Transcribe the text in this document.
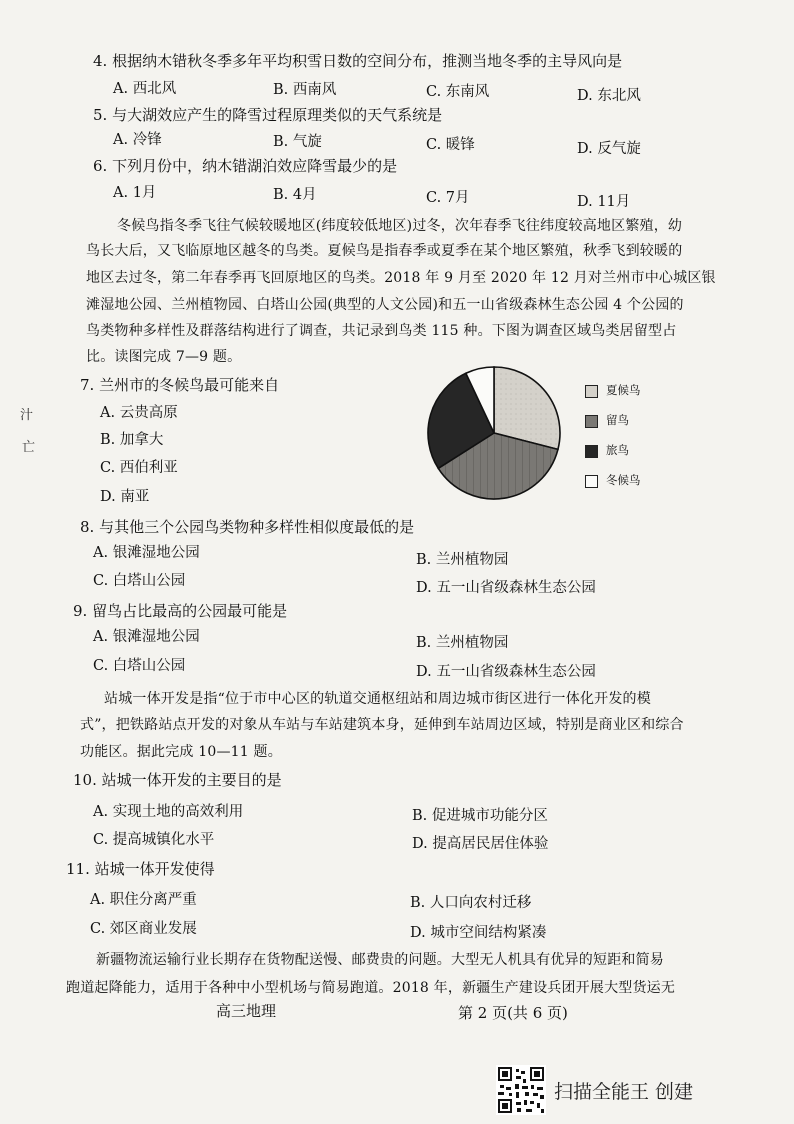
4. 根据纳木错秋冬季多年平均积雪日数的空间分布，推测当地冬季的主导风向是
A. 西北风	B. 西南风	C. 东南风	D. 东北风
5. 与大湖效应产生的降雪过程原理类似的天气系统是
A. 冷锋	B. 气旋	C. 暖锋	D. 反气旋
6. 下列月份中，纳木错湖泊效应降雪最少的是
A. 1月	B. 4月	C. 7月	D. 11月
冬候鸟指冬季飞往气候较暖地区(纬度较低地区)过冬，次年春季飞往纬度较高地区繁殖，幼
鸟长大后，又飞临原地区越冬的鸟类。夏候鸟是指春季或夏季在某个地区繁殖，秋季飞到较暖的
地区去过冬，第二年春季再飞回原地区的鸟类。2018 年 9 月至 2020 年 12 月对兰州市中心城区银
滩湿地公园、兰州植物园、白塔山公园(典型的人文公园)和五一山省级森林生态公园 4 个公园的
鸟类物种多样性及群落结构进行了调查，共记录到鸟类 115 种。下图为调查区域鸟类居留型占
比。读图完成 7—9 题。
7. 兰州市的冬候鸟最可能来自
A. 云贵高原
B. 加拿大
C. 西伯利亚
D. 南亚
汁
亡
夏候鸟
留鸟
旅鸟
冬候鸟
8. 与其他三个公园鸟类物种多样性相似度最低的是
A. 银滩湿地公园	B. 兰州植物园
C. 白塔山公园	D. 五一山省级森林生态公园
9. 留鸟占比最高的公园最可能是
A. 银滩湿地公园	B. 兰州植物园
C. 白塔山公园	D. 五一山省级森林生态公园
站城一体开发是指“位于市中心区的轨道交通枢纽站和周边城市街区进行一体化开发的模
式”，把铁路站点开发的对象从车站与车站建筑本身，延伸到车站周边区域，特别是商业区和综合
功能区。据此完成 10—11 题。
10. 站城一体开发的主要目的是
A. 实现土地的高效利用	B. 促进城市功能分区
C. 提高城镇化水平	D. 提高居民居住体验
11. 站城一体开发使得
A. 职住分离严重	B. 人口向农村迁移
C. 郊区商业发展	D. 城市空间结构紧凑
新疆物流运输行业长期存在货物配送慢、邮费贵的问题。大型无人机具有优异的短距和简易
跑道起降能力，适用于各种中小型机场与简易跑道。2018 年，新疆生产建设兵团开展大型货运无
高三地理	第 2 页(共 6 页)
扫描全能王 创建
